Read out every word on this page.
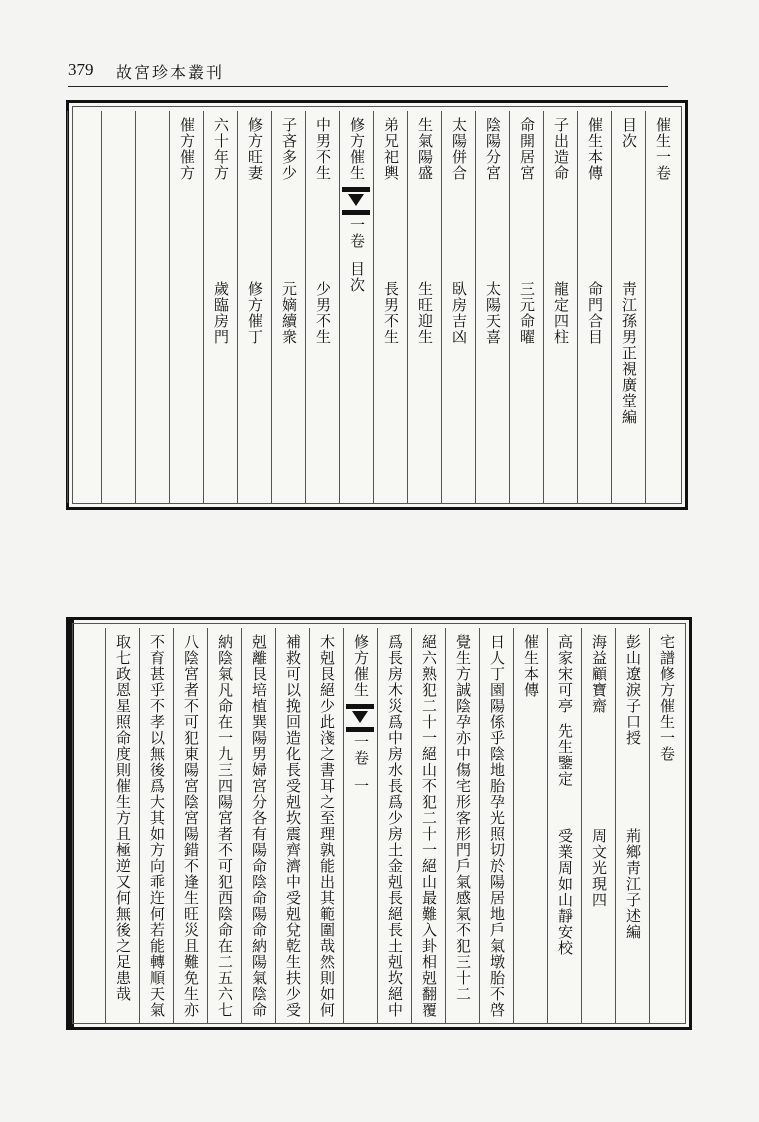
379 故宮珍本叢刊
催生一卷
目次
靑江孫男正視廣堂編
催生本傳
命門合目
子出造命
龍定四柱
命開居宮
三元命曜
陰陽分宮
太陽天喜
太陽併合
臥房吉凶
生氣陽盛
生旺迎生
弟兄祀輿
長男不生
修方催生
一卷
目次
中男不生
少男不生
子吝多少
元嫡續衆
修方旺妻
修方催丁
六十年方
歲臨房門
催方催方
宅譜修方催生一卷
彭山遼淚子口授
荊鄉靑江子述編
海益顧寶齋
周文光現四
高家宋可亭
先生鑒定
受業周如山靜安校
催生本傳
日人丁園陽係乎陰地胎孕光照切於陽居地戶氣墩胎不啓
覺生方誠陰孕亦中傷宅形客形門戶氣感氣不犯三十二
絕六熟犯二十一絕山不犯二十一絕山最難入卦相剋翻覆
爲長房木災爲中房水長爲少房土金剋長絕長土剋坎絕中
修方催生
一卷
一
木剋艮絕少此淺之書耳之至理孰能出其範圍哉然則如何
補救可以挽回造化長受剋坎震齊濟中受剋兌乾生扶少受
剋離艮培植巽陽男婦宮分各有陽命陰命陽命納陽氣陰命
納陰氣凡命在一九三四陽宮者不可犯西陰命在二五六七
八陰宮者不可犯東陽宮陰宮陽錯不逢生旺災且難免生亦
不育甚乎不孝以無後爲大其如方向乖迕何若能轉順天氣
取七政恩星照命度則催生方且極逆又何無後之足患哉
